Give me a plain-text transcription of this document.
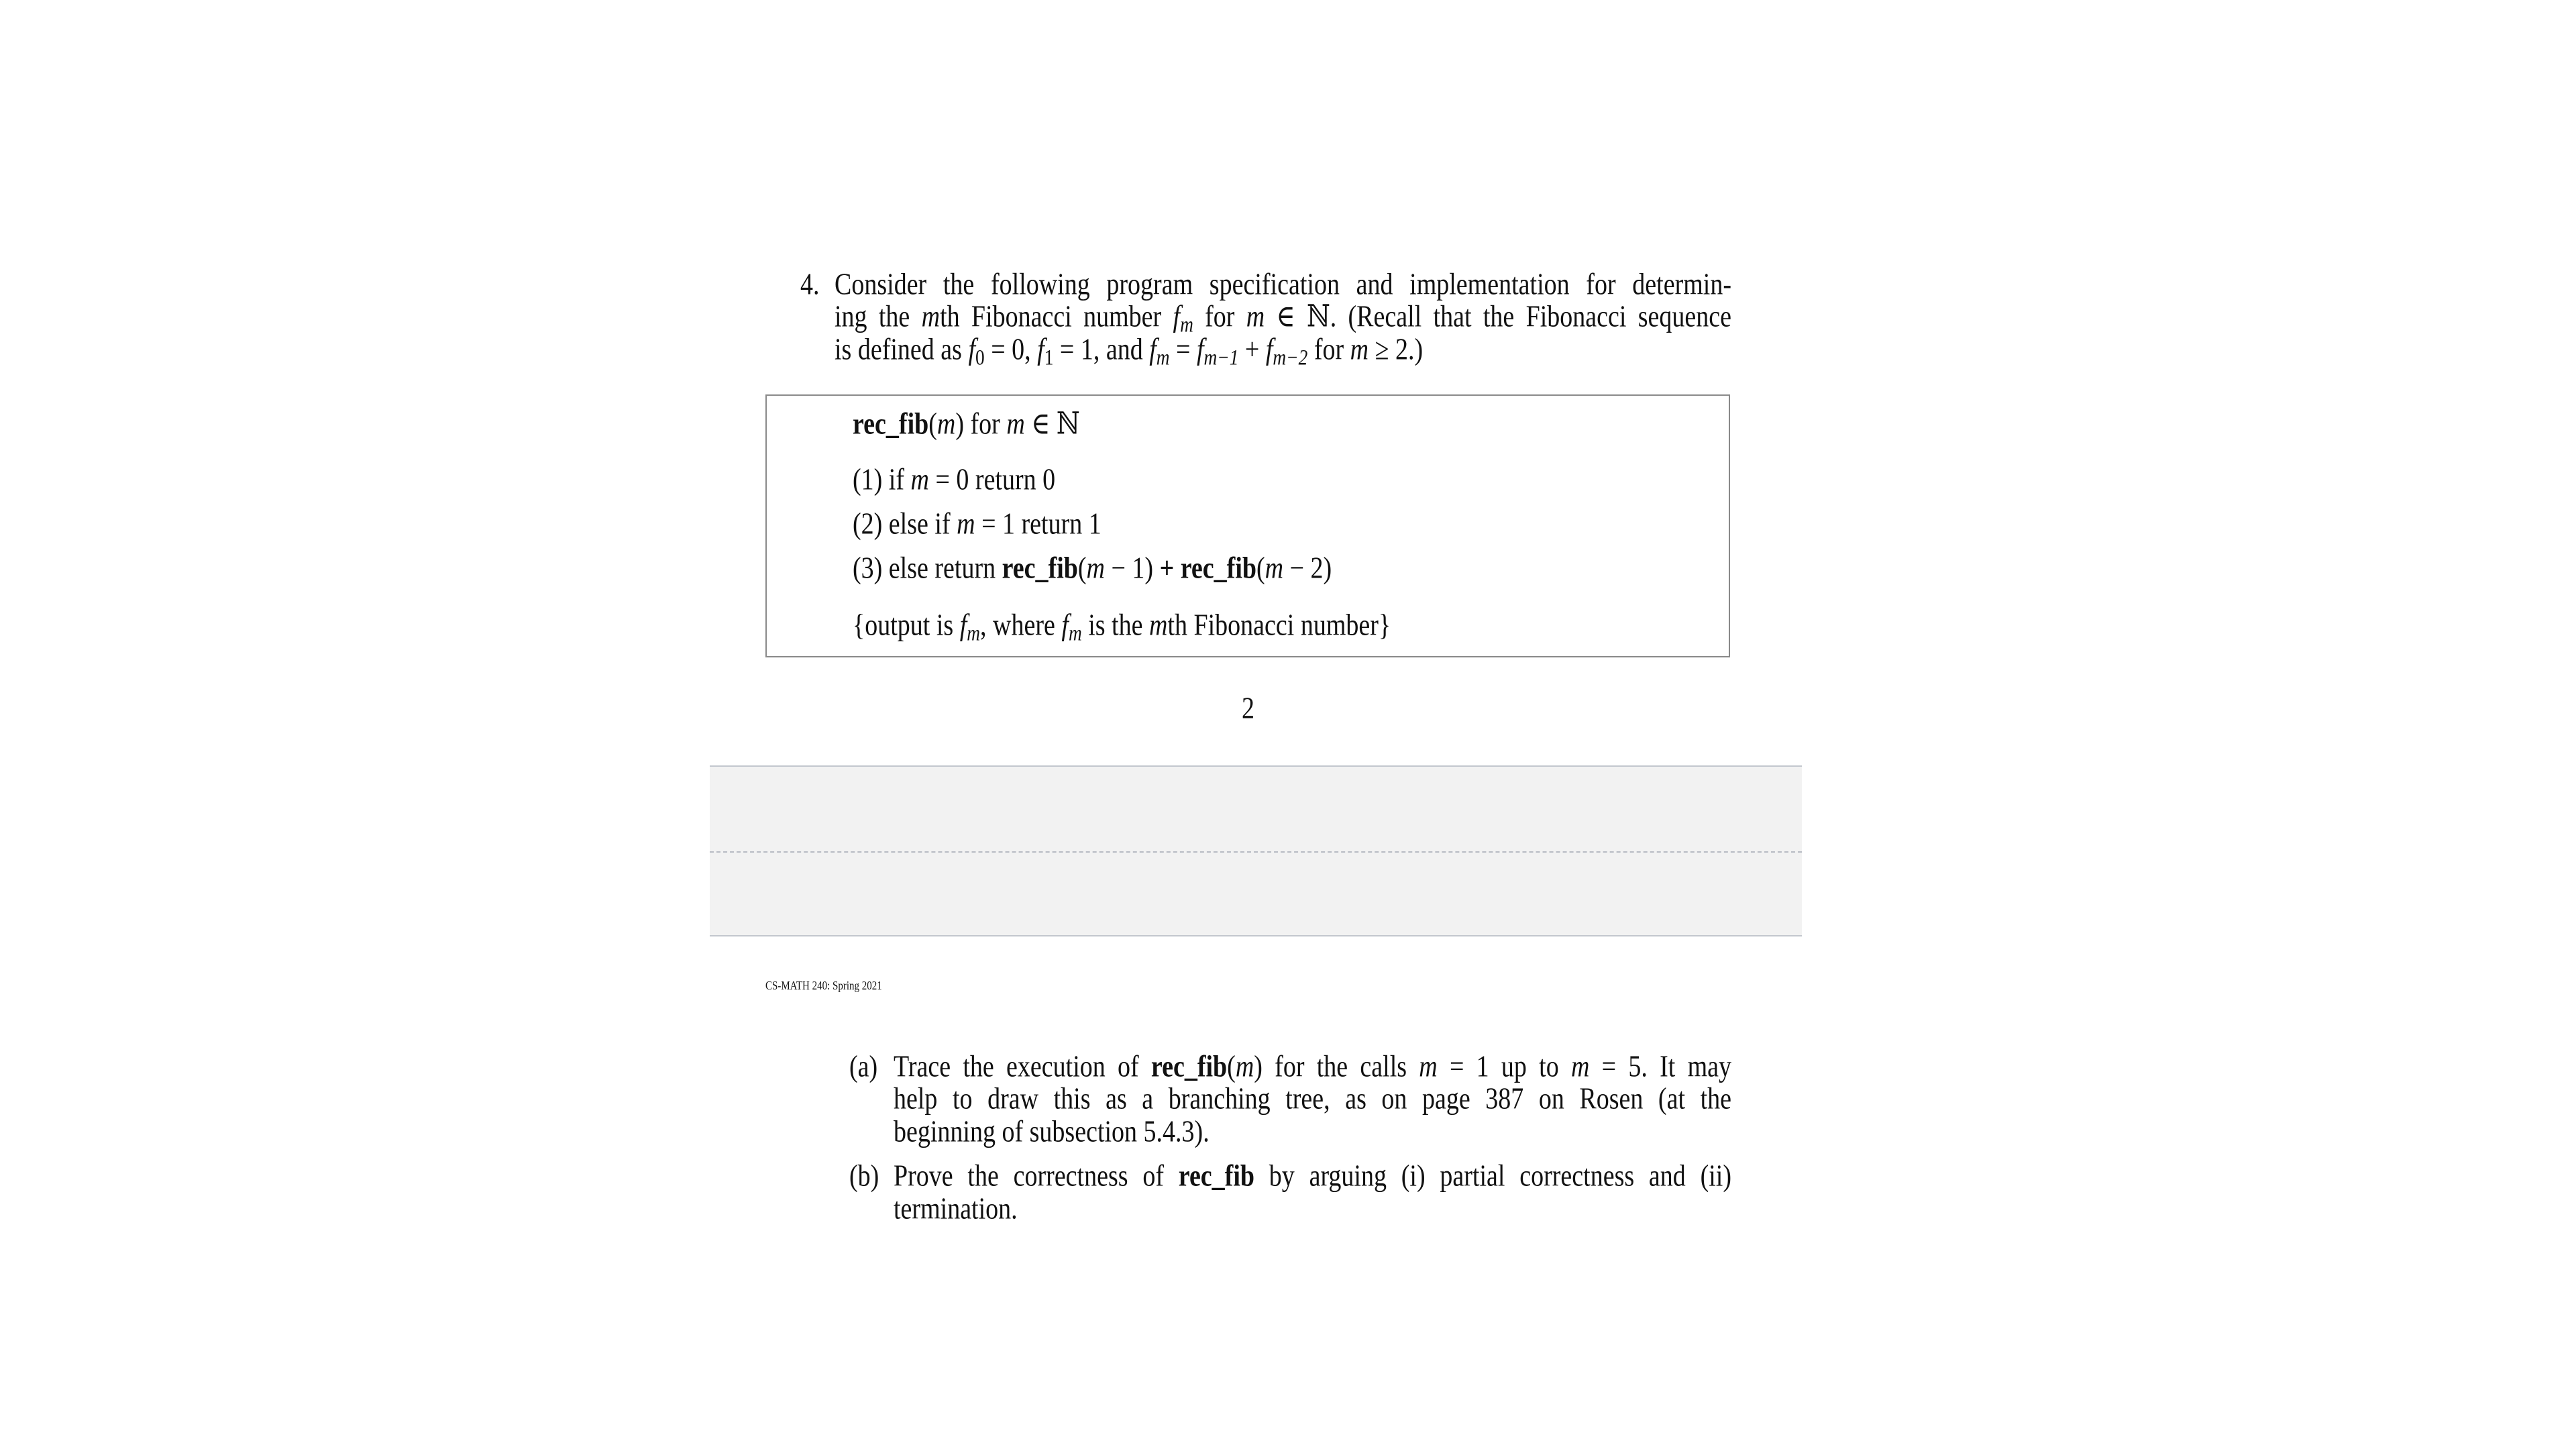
4. Consider the following program specification and implementation for determin-
ing the mth Fibonacci number fm for m ∈ ℕ. (Recall that the Fibonacci sequence
is defined as f0 = 0, f1 = 1, and fm = fm−1 + fm−2 for m ≥ 2.)
rec_fib(m) for m ∈ ℕ
(1) if m = 0 return 0
(2) else if m = 1 return 1
(3) else return rec_fib(m − 1) + rec_fib(m − 2)
{output is fm, where fm is the mth Fibonacci number}
2
CS-MATH 240: Spring 2021
(a) Trace the execution of rec_fib(m) for the calls m = 1 up to m = 5. It may
help to draw this as a branching tree, as on page 387 on Rosen (at the
beginning of subsection 5.4.3).
(b) Prove the correctness of rec_fib by arguing (i) partial correctness and (ii)
termination.
